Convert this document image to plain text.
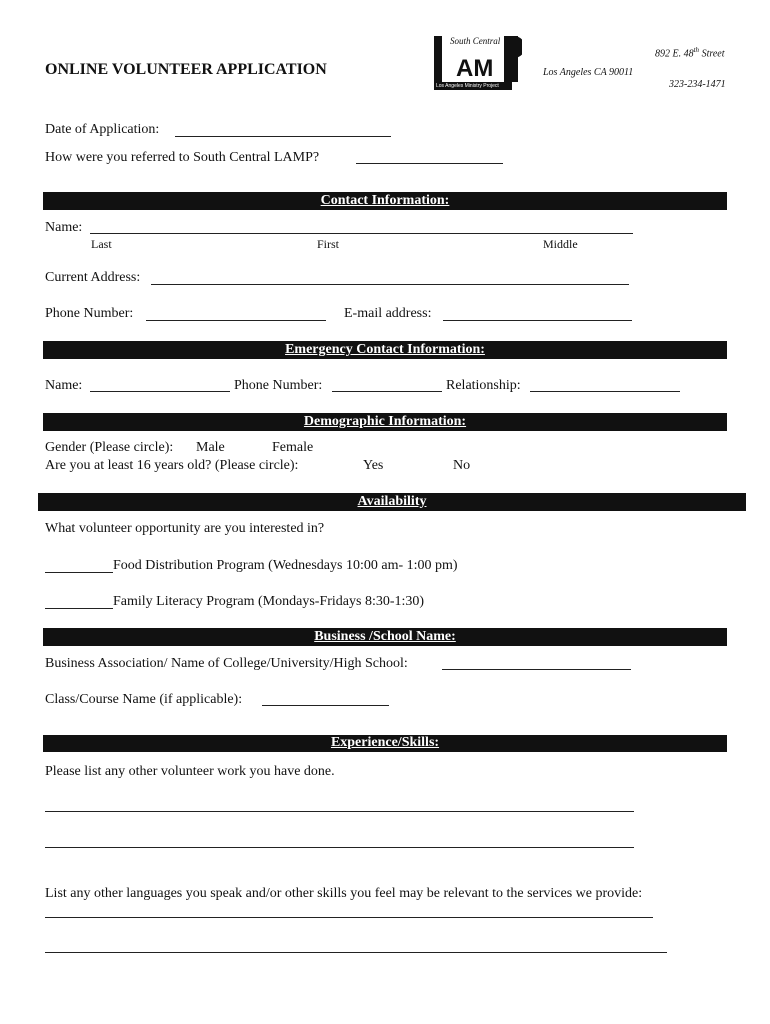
ONLINE VOLUNTEER APPLICATION	AM
South Central
Los Angeles Ministry Project
892 E. 48th Street
Los Angeles CA 90011
323-234-1471
Date of Application:
How were you referred to South Central LAMP?
Contact Information:
Name:
Last	First	Middle
Current Address:
Phone Number:	E-mail address:
Emergency Contact Information:
Name:	Phone Number:	Relationship:
Demographic Information:
Gender (Please circle): Male	Female
Are you at least 16 years old? (Please circle):	Yes	No
Availability
What volunteer opportunity are you interested in?
Food Distribution Program (Wednesdays 10:00 am- 1:00 pm)
Family Literacy Program (Mondays-Fridays 8:30-1:30)
Business /School Name:
Business Association/ Name of College/University/High School:
Class/Course Name (if applicable):
Experience/Skills:
Please list any other volunteer work you have done.
List any other languages you speak and/or other skills you feel may be relevant to the services we provide:
